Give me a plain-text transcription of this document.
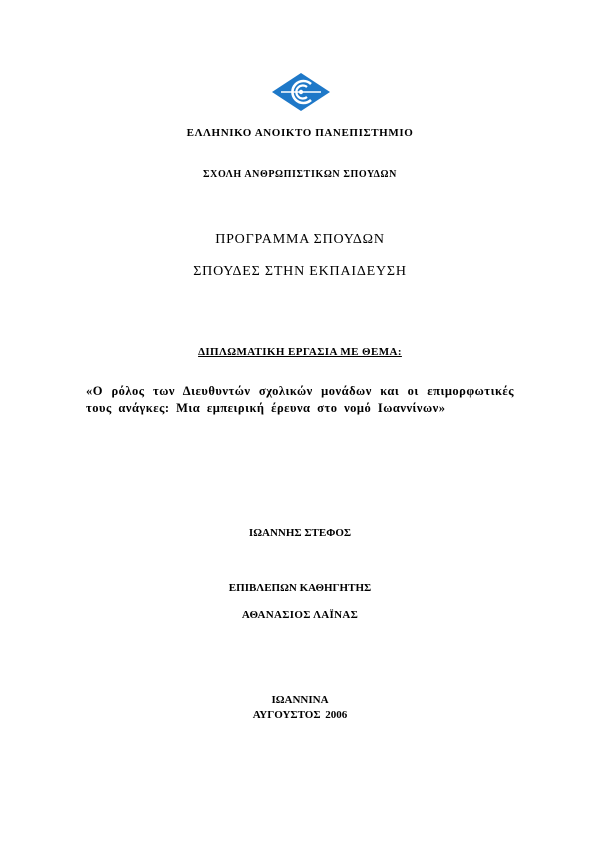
ΕΛΛΗΝΙΚΟ ΑΝΟΙΚΤΟ ΠΑΝΕΠΙΣΤΗΜΙΟ
ΣΧΟΛΗ ΑΝΘΡΩΠΙΣΤΙΚΩΝ ΣΠΟΥΔΩΝ
ΠΡΟΓΡΑΜΜΑ ΣΠΟΥΔΩΝ
ΣΠΟΥΔΕΣ ΣΤΗΝ ΕΚΠΑΙΔΕΥΣΗ
ΔΙΠΛΩΜΑΤΙΚΗ ΕΡΓΑΣΙΑ ΜΕ ΘΕΜΑ:
«Ο ρόλος των Διευθυντών σχολικών μονάδων και οι επιμορφωτικές τους ανάγκες: Μια εμπειρική έρευνα στο νομό Ιωαννίνων»
ΙΩΑΝΝΗΣ ΣΤΕΦΟΣ
ΕΠΙΒΛΕΠΩΝ ΚΑΘΗΓΗΤΗΣ
ΑΘΑΝΑΣΙΟΣ ΛΑΪΝΑΣ
ΙΩΑΝΝΙΝΑ
ΑΥΓΟΥΣΤΟΣ 2006
